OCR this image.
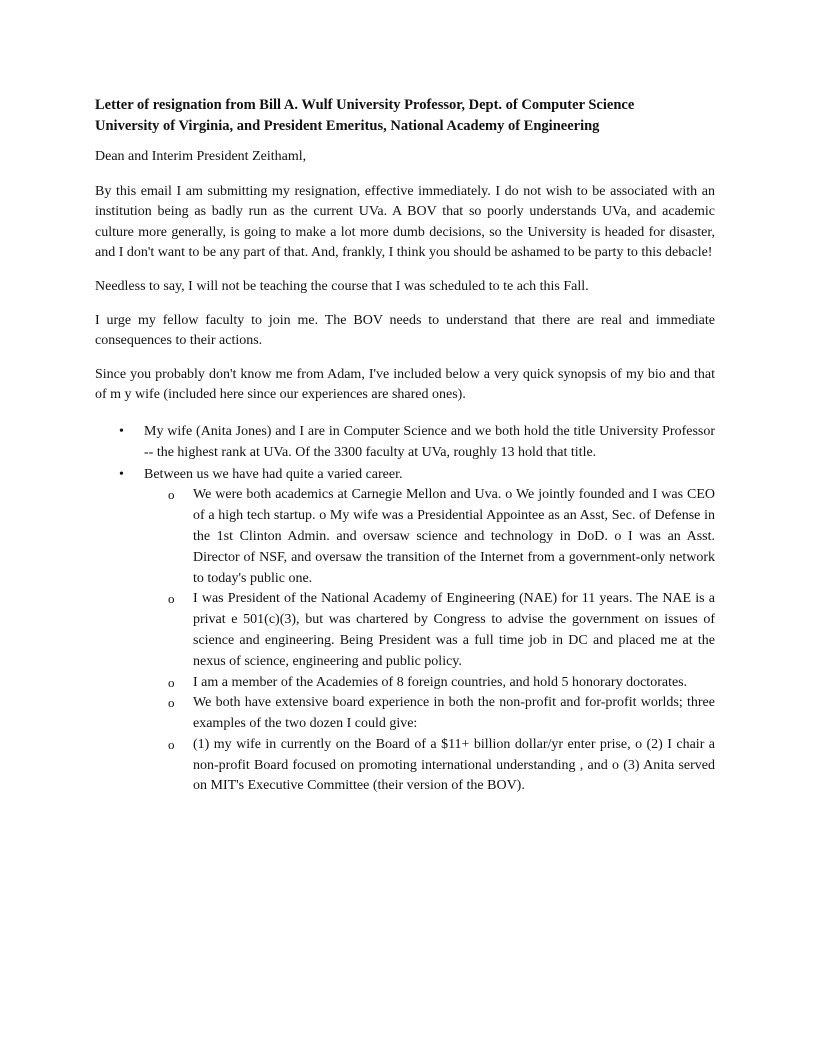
Letter of resignation from Bill A. Wulf University Professor, Dept. of Computer Science
University of Virginia, and President Emeritus, National Academy of Engineering

Dean and Interim President Zeithaml,

By this email I am submitting my resignation, effective immediately. I do not wish to be associated with an institution being as badly run as the current UVa. A BOV that so poorly understands UVa, and academic culture more generally, is going to make a lot more dumb decisions, so the University is headed for disaster, and I don't want to be any part of that. And, frankly, I think you should be ashamed to be party to this debacle!

Needless to say, I will not be teaching the course that I was scheduled to te ach this Fall.

I urge my fellow faculty to join me. The BOV needs to understand that there are real and immediate consequences to their actions.

Since you probably don't know me from Adam, I've included below a very quick synopsis of my bio and that of m y wife (included here since our experiences are shared ones).

• My wife (Anita Jones) and I are in Computer Science and we both hold the title University Professor -- the highest rank at UVa. Of the 3300 faculty at UVa, roughly 13 hold that title.
• Between us we have had quite a varied career.
o We were both academics at Carnegie Mellon and Uva. o We jointly founded and I was CEO of a high tech startup. o My wife was a Presidential Appointee as an Asst, Sec. of Defense in the 1st Clinton Admin. and oversaw science and technology in DoD. o I was an Asst. Director of NSF, and oversaw the transition of the Internet from a government-only network to today's public one.
o I was President of the National Academy of Engineering (NAE) for 11 years. The NAE is a privat e 501(c)(3), but was chartered by Congress to advise the government on issues of science and engineering. Being President was a full time job in DC and placed me at the nexus of science, engineering and public policy.
o I am a member of the Academies of 8 foreign countries, and hold 5 honorary doctorates.
o We both have extensive board experience in both the non-profit and for-profit worlds; three examples of the two dozen I could give:
o (1) my wife in currently on the Board of a $11+ billion dollar/yr enter prise, o (2) I chair a non-profit Board focused on promoting international understanding , and o (3) Anita served on MIT's Executive Committee (their version of the BOV).
